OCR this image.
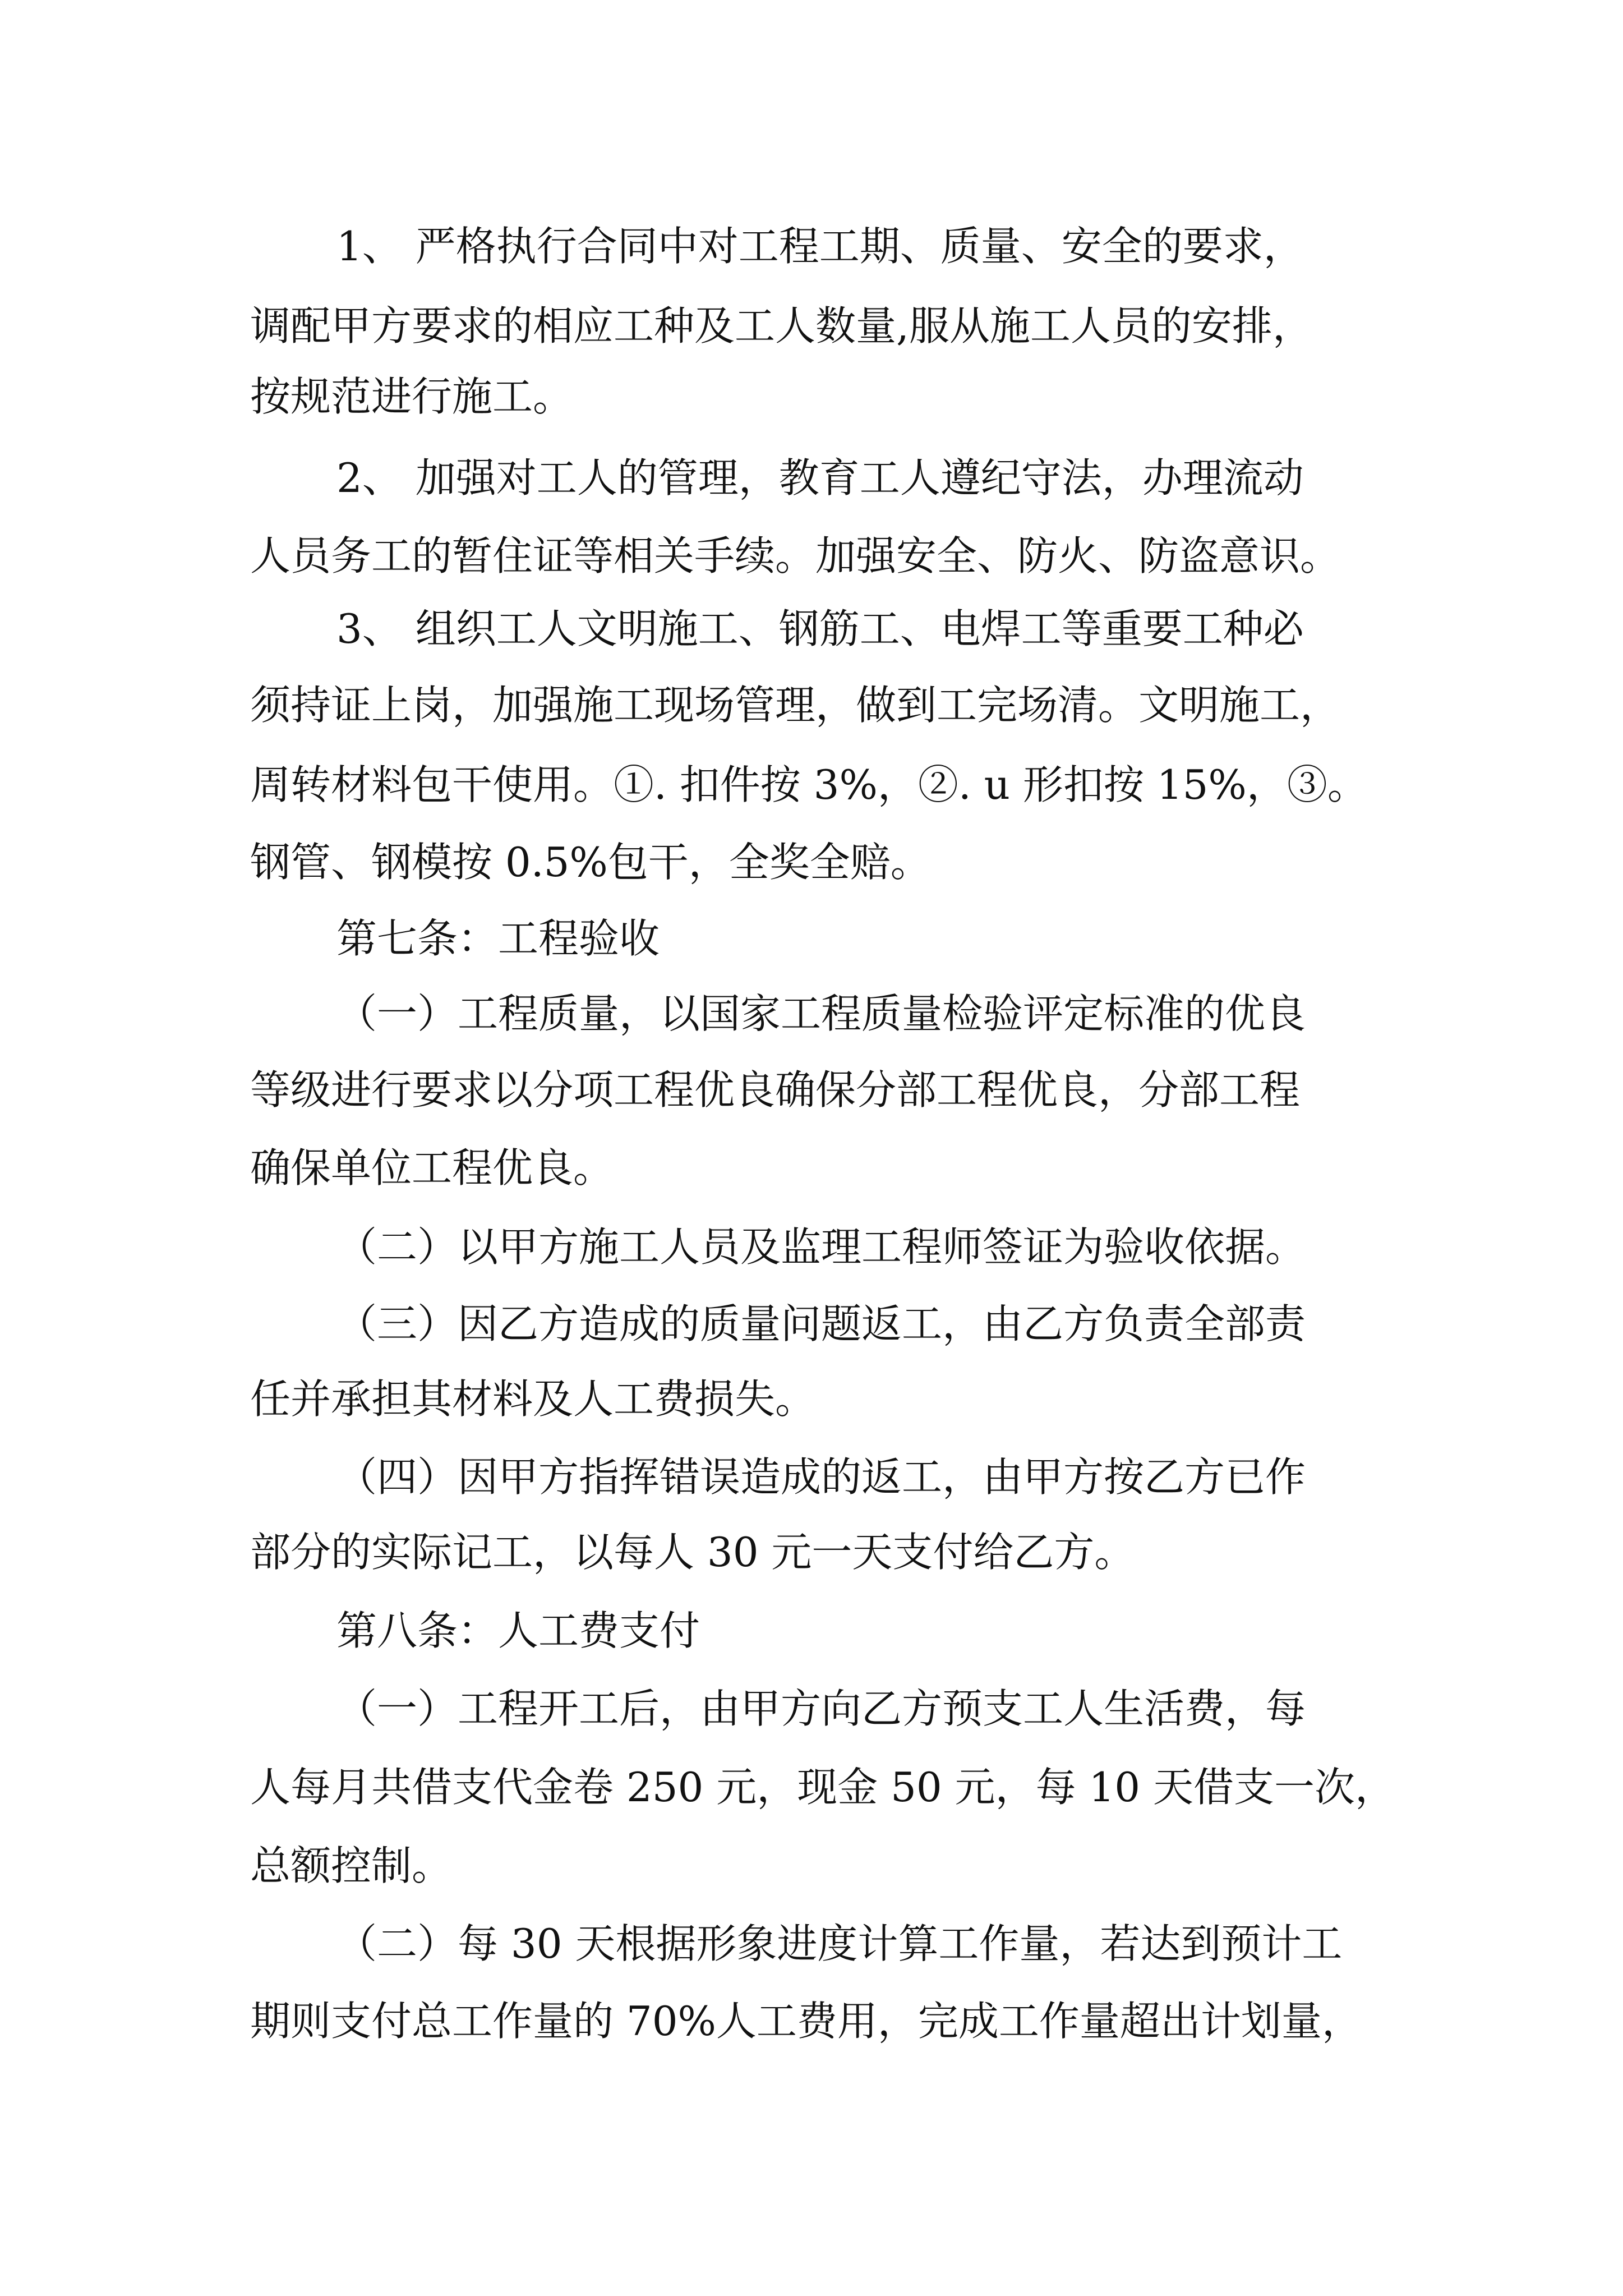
1、 严格执行合同中对工程工期、质量、安全的要求，
调配甲方要求的相应工种及工人数量,服从施工人员的安排，
按规范进行施工。
2、 加强对工人的管理，教育工人遵纪守法，办理流动
人员务工的暂住证等相关手续。加强安全、防火、防盗意识。
3、 组织工人文明施工、钢筋工、电焊工等重要工种必
须持证上岗，加强施工现场管理，做到工完场清。文明施工，
周转材料包干使用。①. 扣件按 3%，②. u 形扣按 15%，③。
钢管、钢模按 0.5%包干，全奖全赔。
第七条：工程验收
（一）工程质量，以国家工程质量检验评定标准的优良
等级进行要求以分项工程优良确保分部工程优良，分部工程
确保单位工程优良。
（二）以甲方施工人员及监理工程师签证为验收依据。
（三）因乙方造成的质量问题返工，由乙方负责全部责
任并承担其材料及人工费损失。
（四）因甲方指挥错误造成的返工，由甲方按乙方已作
部分的实际记工，以每人 30 元一天支付给乙方。
第八条：人工费支付
（一）工程开工后，由甲方向乙方预支工人生活费，每
人每月共借支代金卷 250 元，现金 50 元，每 10 天借支一次，
总额控制。
（二）每 30 天根据形象进度计算工作量，若达到预计工
期则支付总工作量的 70%人工费用，完成工作量超出计划量，
